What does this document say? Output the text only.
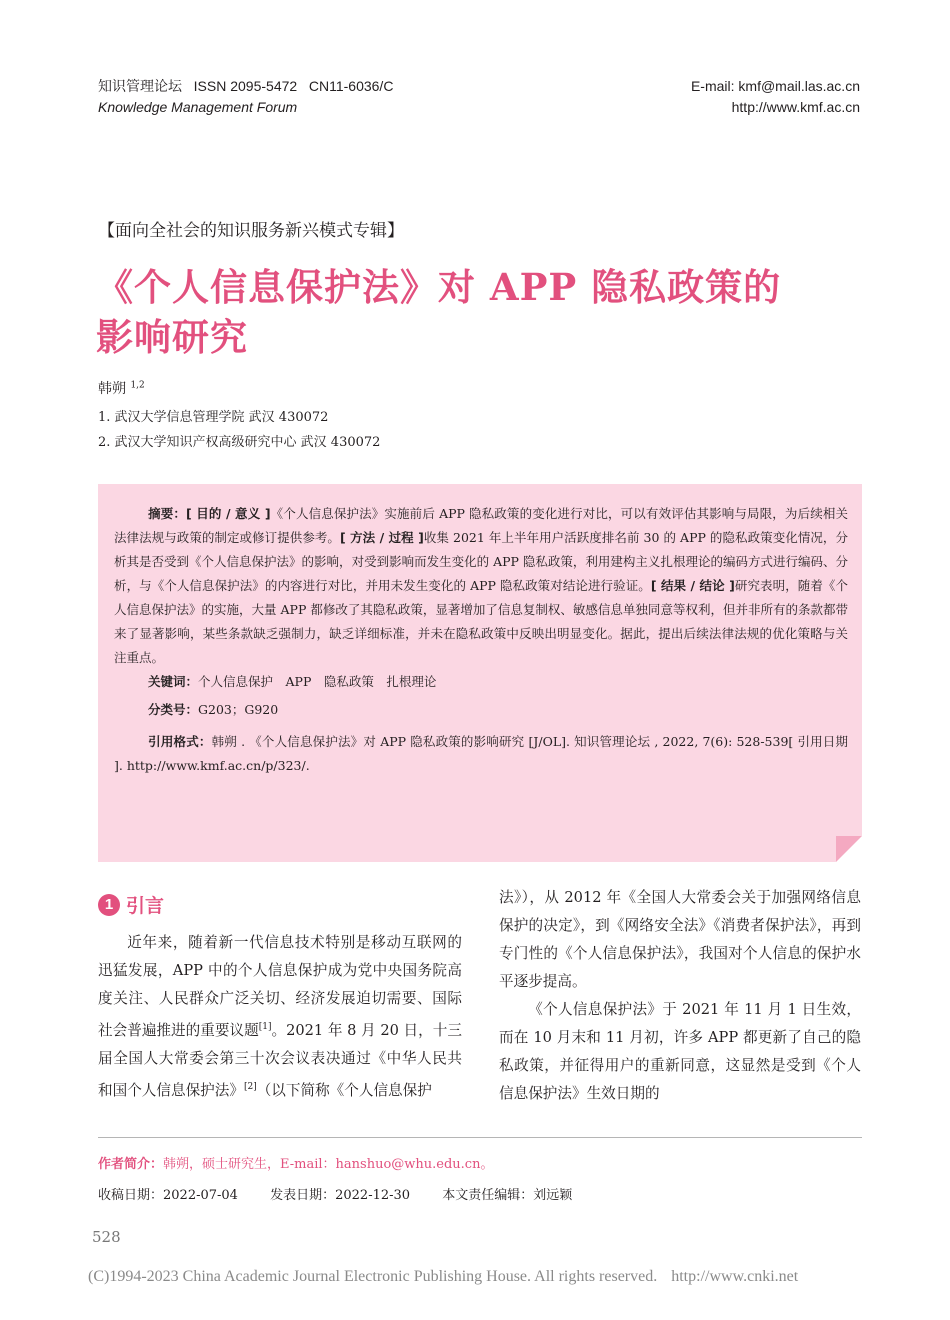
知识管理论坛 ISSN 2095-5472 CN11-6036/C
Knowledge Management Forum
E-mail: kmf@mail.las.ac.cn
http://www.kmf.ac.cn
【面向全社会的知识服务新兴模式专辑】
《个人信息保护法》对 APP 隐私政策的
影响研究
韩朔 $^{1,2}$
1. 武汉大学信息管理学院 武汉 430072
2. 武汉大学知识产权高级研究中心 武汉 430072
摘要：[ 目的 / 意义 ]《个人信息保护法》实施前后 APP 隐私政策的变化进行对比，可以有效评估其影响与局限，为后续相关法律法规与政策的制定或修订提供参考。[ 方法 / 过程 ]收集 2021 年上半年用户活跃度排名前 30 的 APP 的隐私政策变化情况，分析其是否受到《个人信息保护法》的影响，对受到影响而发生变化的 APP 隐私政策，利用建构主义扎根理论的编码方式进行编码、分析，与《个人信息保护法》的内容进行对比，并用未发生变化的 APP 隐私政策对结论进行验证。[ 结果 / 结论 ]研究表明，随着《个人信息保护法》的实施，大量 APP 都修改了其隐私政策，显著增加了信息复制权、敏感信息单独同意等权利，但并非所有的条款都带来了显著影响，某些条款缺乏强制力，缺乏详细标准，并未在隐私政策中反映出明显变化。据此，提出后续法律法规的优化策略与关注重点。
关键词：个人信息保护　APP　隐私政策　扎根理论
分类号：G203；G920
引用格式：韩朔 . 《个人信息保护法》对 APP 隐私政策的影响研究 [J/OL]. 知识管理论坛 , 2022, 7(6): 528-539[ 引用日期 ]. http://www.kmf.ac.cn/p/323/.
1 引言

近年来，随着新一代信息技术特别是移动互联网的迅猛发展，APP 中的个人信息保护成为党中央国务院高度关注、人民群众广泛关切、经济发展迫切需要、国际社会普遍推进的重要议题[1]。2021 年 8 月 20 日，十三届全国人大常委会第三十次会议表决通过《中华人民共和国个人信息保护法》[2]（以下简称《个人信息保护

法》），从 2012 年《全国人大常委会关于加强网络信息保护的决定》，到《网络安全法》《消费者保护法》，再到专门性的《个人信息保护法》，我国对个人信息的保护水平逐步提高。

《个人信息保护法》于 2021 年 11 月 1 日生效，而在 10 月末和 11 月初，许多 APP 都更新了自己的隐私政策，并征得用户的重新同意，这显然是受到《个人信息保护法》生效日期的

作者简介：韩朔，硕士研究生，E-mail：hanshuo@whu.edu.cn。
收稿日期：2022-07-04 发表日期：2022-12-30 本文责任编辑：刘远颖
528
(C)1994-2023 China Academic Journal Electronic Publishing House. All rights reserved. http://www.cnki.net
